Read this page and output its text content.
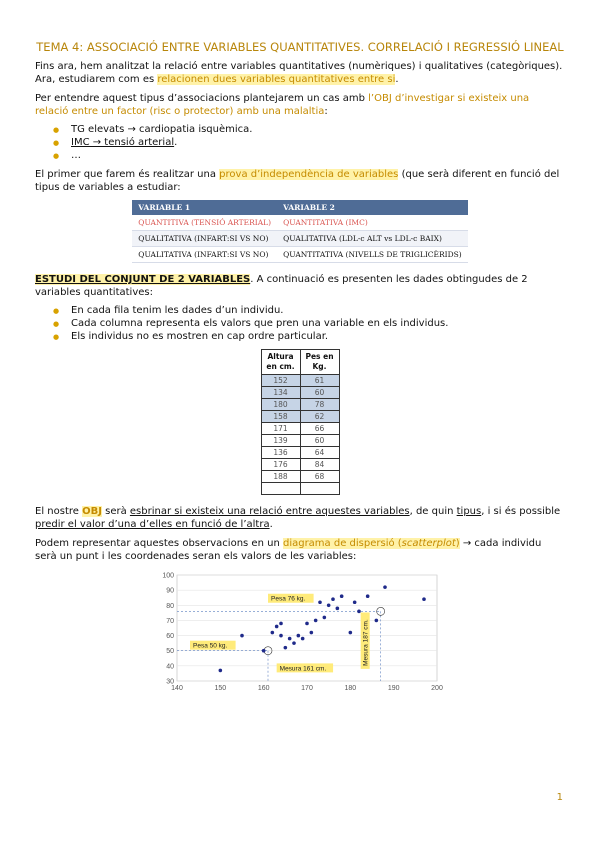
TEMA 4: ASSOCIACIÓ ENTRE VARIABLES QUANTITATIVES. CORRELACIÓ I REGRESSIÓ LINEAL

Fins ara, hem analitzat la relació entre variables quantitatives (numèriques) i qualitatives (categòriques). Ara, estudiarem com es relacionen dues variables quantitatives entre si.

Per entendre aquest tipus d’associacions plantejarem un cas amb l’OBJ d’investigar si existeix una relació entre un factor (risc o protector) amb una malaltia:

● TG elevats → cardiopatia isquèmica.
● IMC → tensió arterial.
● …

El primer que farem és realitzar una prova d’independència de variables (que serà diferent en funció del tipus de variables a estudiar:

VARIABLE 1	VARIABLE 2
QUANTITIVA (TENSIÓ ARTERIAL)	QUANTITATIVA (IMC)
QUALITATIVA (INFART:SI VS NO)	QUALITATIVA (LDL-c ALT vs LDL-c BAIX)
QUALITATIVA (INFART:SI VS NO)	QUANTITATIVA (NIVELLS DE TRIGLICÈRIDS)

ESTUDI DEL CONJUNT DE 2 VARIABLES. A continuació es presenten les dades obtingudes de 2 variables quantitatives:

● En cada fila tenim les dades d’un individu.
● Cada columna representa els valors que pren una variable en els individus.
● Els individus no es mostren en cap ordre particular.
Altura en cm.	Pes en Kg.
152	61
134	60
180	78
158	62
171	66
139	60
136	64
176	84
188	68

El nostre OBJ serà esbrinar si existeix una relació entre aquestes variables, de quin tipus, i si és possible predir el valor d’una d’elles en funció de l’altra.

Podem representar aquestes observacions en un diagrama de dispersió (scatterplot) → cada individu serà un punt i les coordenades seran els valors de les variables:

30
40
50
60
70
80
90
100
140	150	160	170	180	190	200
Pesa 76 kg.
Pesa 50 kg.
Mesura 161 cm.
Mesura 187 cm.
1
